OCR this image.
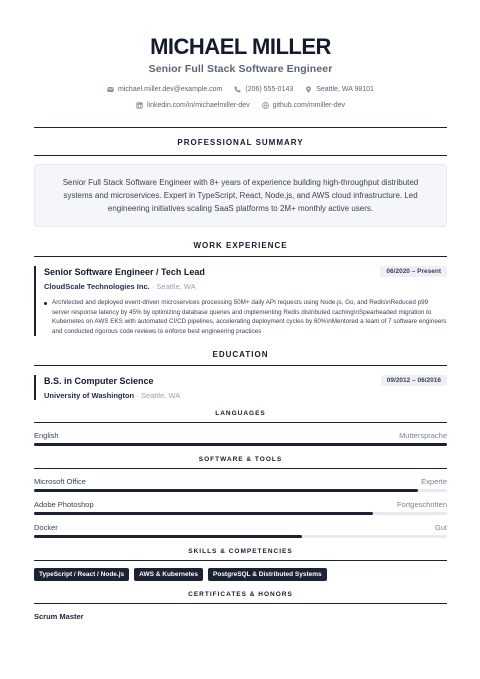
MICHAEL MILLER
Senior Full Stack Software Engineer
michael.miller.dev@example.com
	(206) 555-0143
	Seattle, WA 98101
linkedin.com/in/michaelmiller-dev
	github.com/mmiller-dev
PROFESSIONAL SUMMARY
Senior Full Stack Software Engineer with 8+ years of experience building high-throughput distributed systems and microservices. Expert in TypeScript, React, Node.js, and AWS cloud infrastructure. Led engineering initiatives scaling SaaS platforms to 2M+ monthly active users.
WORK EXPERIENCE
Senior Software Engineer / Tech Lead	06/2020 – Present
CloudScale Technologies Inc. · Seattle, WA
Architected and deployed event-driven microservices processing 50M+ daily API requests using Node.js, Go, and Redis\nReduced p99 server response latency by 45% by optimizing database queries and implementing Redis distributed caching\nSpearheaded migration to Kubernetes on AWS EKS with automated CI/CD pipelines, accelerating deployment cycles by 60%\nMentored a team of 7 software engineers and conducted rigorous code reviews to enforce best engineering practices
EDUCATION
B.S. in Computer Science	09/2012 – 06/2016
University of Washington · Seattle, WA
LANGUAGES
English	Muttersprache
SOFTWARE & TOOLS
Microsoft Office	Experte
Adobe Photoshop	Fortgeschritten
Docker	Gut
SKILLS & COMPETENCIES
TypeScript / React / Node.js	AWS & Kubernetes	PostgreSQL & Distributed Systems
CERTIFICATES & HONORS
Scrum Master
